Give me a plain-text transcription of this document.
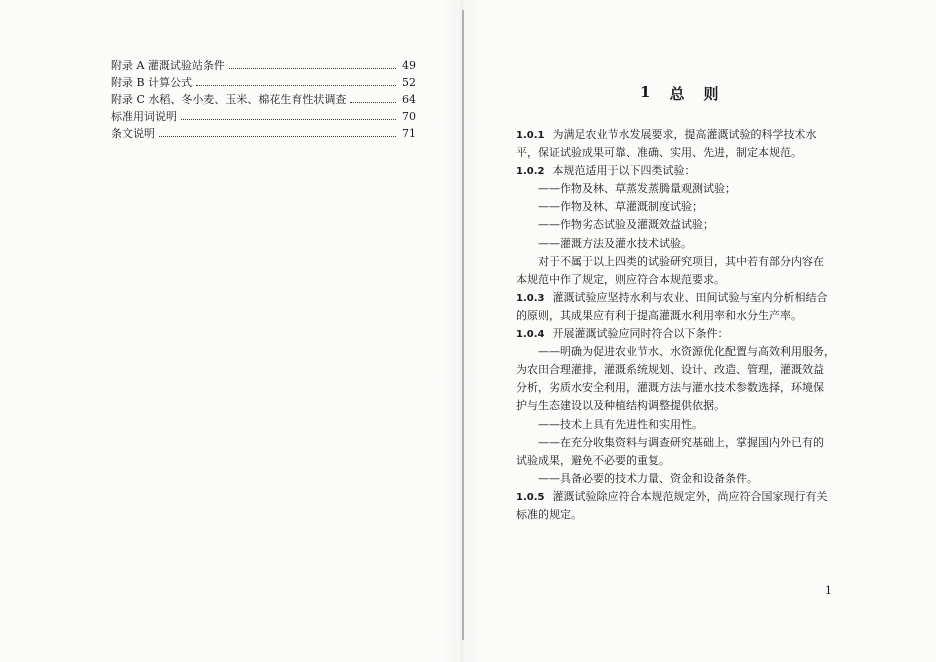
附录 A 灌溉试验站条件	49
附录 B 计算公式	52
附录 C 水稻、冬小麦、玉米、棉花生育性状调查	64
标准用词说明	70
条文说明	71
1 总 则
1.0.1 为满足农业节水发展要求，提高灌溉试验的科学技术水
平，保证试验成果可靠、准确、实用、先进，制定本规范。
1.0.2 本规范适用于以下四类试验：
——作物及林、草蒸发蒸腾量观测试验；
——作物及林、草灌溉制度试验；
——作物劣态试验及灌溉效益试验；
——灌溉方法及灌水技术试验。
对于不属于以上四类的试验研究项目，其中若有部分内容在
本规范中作了规定，则应符合本规范要求。
1.0.3 灌溉试验应坚持水利与农业、田间试验与室内分析相结合
的原则，其成果应有利于提高灌溉水利用率和水分生产率。
1.0.4 开展灌溉试验应同时符合以下条件：
——明确为促进农业节水、水资源优化配置与高效利用服务，
为农田合理灌排，灌溉系统规划、设计、改造、管理，灌溉效益
分析，劣质水安全利用，灌溉方法与灌水技术参数选择，环境保
护与生态建设以及种植结构调整提供依据。
——技术上具有先进性和实用性。
——在充分收集资料与调查研究基础上，掌握国内外已有的
试验成果，避免不必要的重复。
——具备必要的技术力量、资金和设备条件。
1.0.5 灌溉试验除应符合本规范规定外，尚应符合国家现行有关
标准的规定。
1
